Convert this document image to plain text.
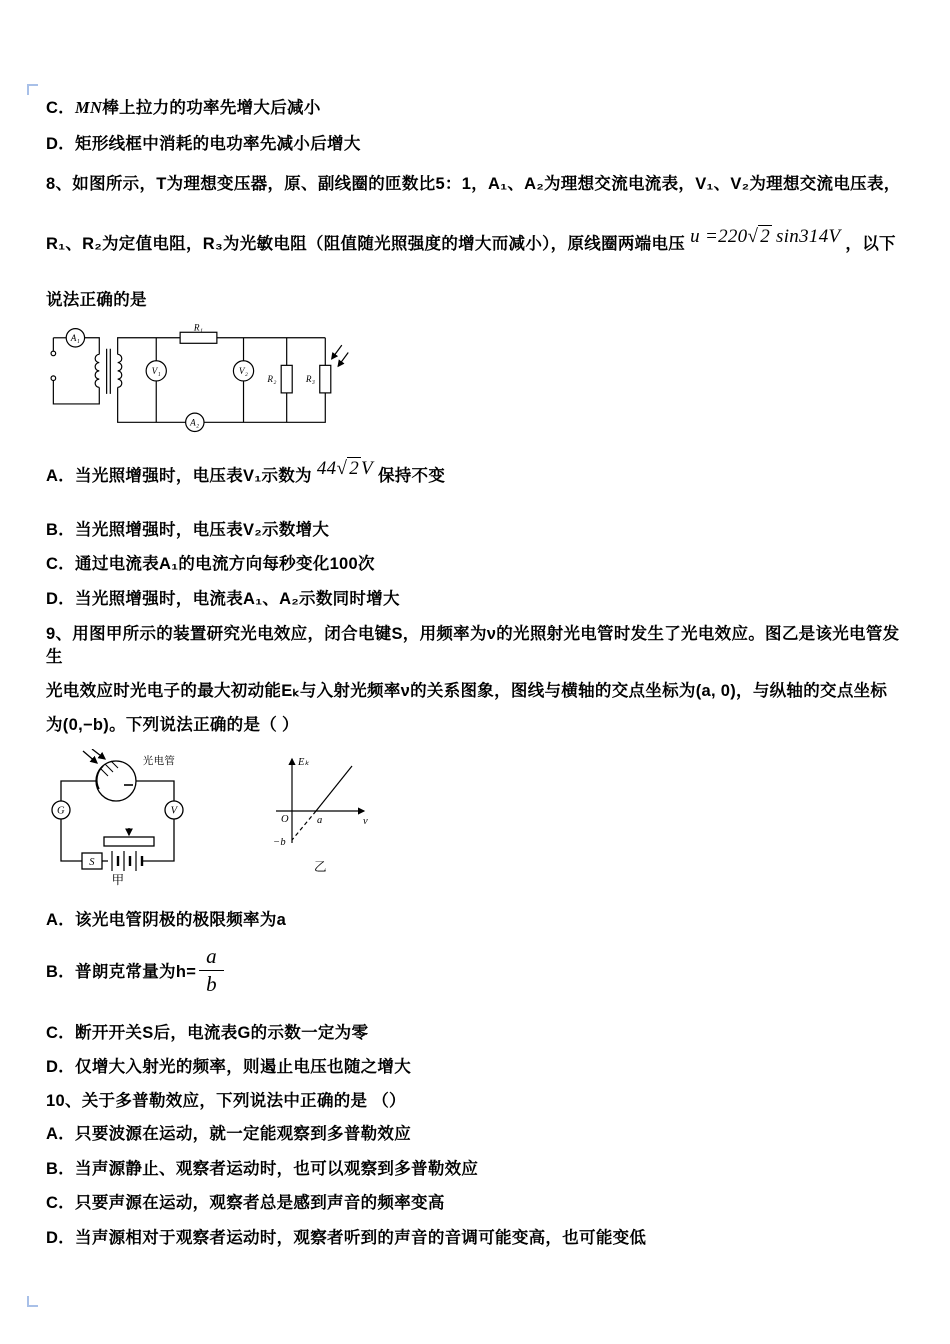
C．MN棒上拉力的功率先增大后减小
D．矩形线框中消耗的电功率先减小后增大
8、如图所示，T为理想变压器，原、副线圈的匝数比5：1，A₁、A₂为理想交流电流表，V₁、V₂为理想交流电压表，
R₁、R₂为定值电阻，R₃为光敏电阻（阻值随光照强度的增大而减小），原线圈两端电压 u =220√ 2 sin314V ，以下
说法正确的是
A₁
R₁
V₁	V₂
A₂
R₂	R₃
A．当光照增强时，电压表V₁示数为 44√ 2 V 保持不变
B．当光照增强时，电压表V₂示数增大
C．通过电流表A₁的电流方向每秒变化100次
D．当光照增强时，电流表A₁、A₂示数同时增大
9、用图甲所示的装置研究光电效应，闭合电键S，用频率为ν的光照射光电管时发生了光电效应。图乙是该光电管发生
光电效应时光电子的最大初动能Eₖ与入射光频率ν的关系图象，图线与横轴的交点坐标为(a, 0)，与纵轴的交点坐标
为(0,−b)。下列说法正确的是（ ）
光电管
G	V
S
甲
Eₖ
ν
O	a
−b
乙
A．该光电管阴极的极限频率为a
B． 普朗克常量为$h= \frac{a}{b}$
C．断开开关S后，电流表G的示数一定为零
D．仅增大入射光的频率，则遏止电压也随之增大
10、关于多普勒效应，下列说法中正确的是 （）
A．只要波源在运动，就一定能观察到多普勒效应
B．当声源静止、观察者运动时，也可以观察到多普勒效应
C．只要声源在运动，观察者总是感到声音的频率变高
D．当声源相对于观察者运动时，观察者听到的声音的音调可能变高，也可能变低
